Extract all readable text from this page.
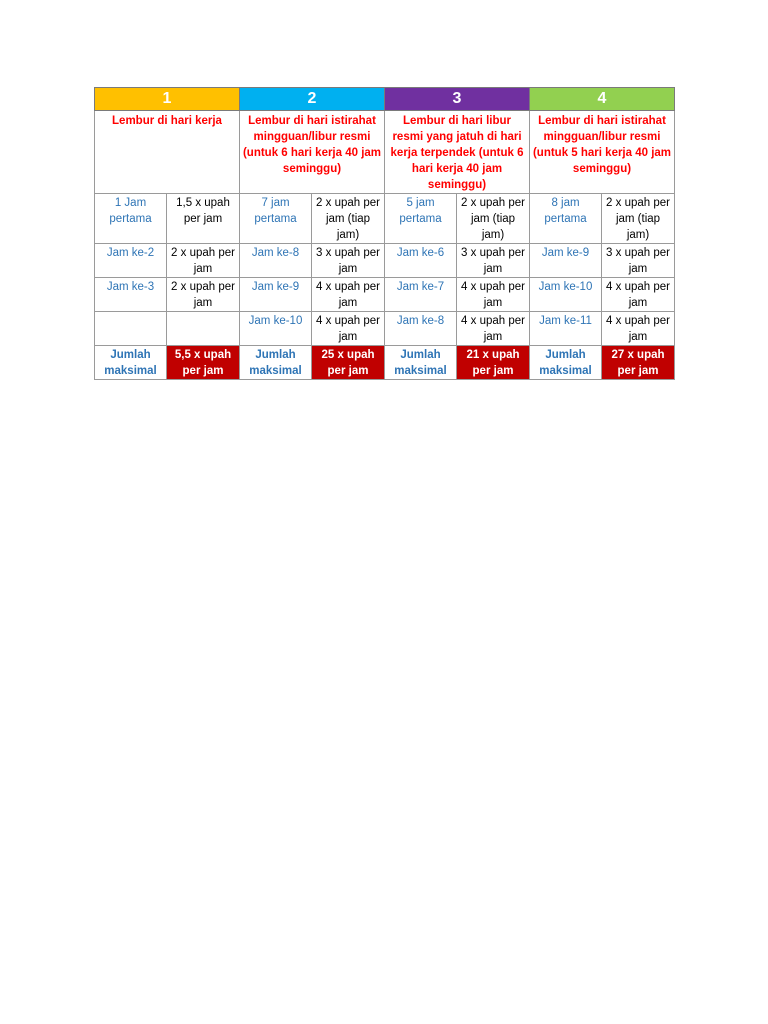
1		2		3		4	
Lembur di hari kerja		Lembur di hari istirahat mingguan/libur resmi (untuk 6 hari kerja 40 jam seminggu)		Lembur di hari libur resmi yang jatuh di hari kerja terpendek (untuk 6 hari kerja 40 jam seminggu)		Lembur di hari istirahat mingguan/libur resmi (untuk 5 hari kerja 40 jam seminggu)	
1 Jam pertama	1,5 x upah per jam	7 jam pertama	2 x upah per jam (tiap jam)	5 jam pertama	2 x upah per jam (tiap jam)	8 jam pertama	2 x upah per jam (tiap jam)
Jam ke-2	2 x upah per jam	Jam ke-8	3 x upah per jam	Jam ke-6	3 x upah per jam	Jam ke-9	3 x upah per jam
Jam ke-3	2 x upah per jam	Jam ke-9	4 x upah per jam	Jam ke-7	4 x upah per jam	Jam ke-10	4 x upah per jam
		Jam ke-10	4 x upah per jam	Jam ke-8	4 x upah per jam	Jam ke-11	4 x upah per jam
Jumlah maksimal	5,5 x upah per jam	Jumlah maksimal	25 x upah per jam	Jumlah maksimal	21 x upah per jam	Jumlah maksimal	27 x upah per jam
